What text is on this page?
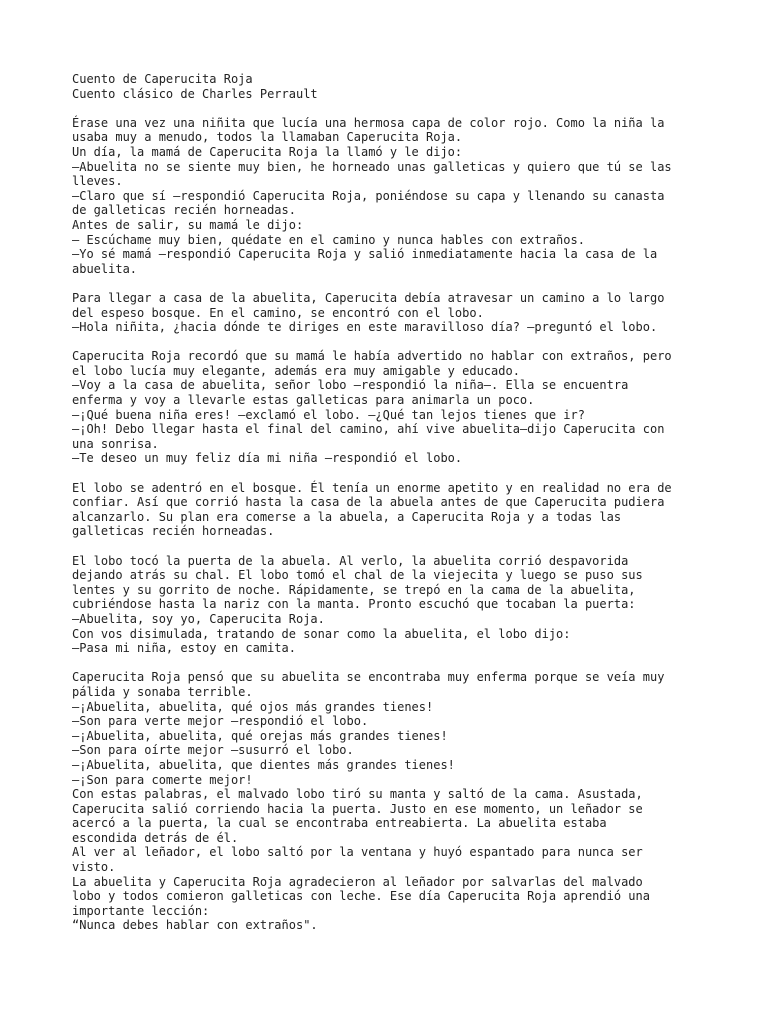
Cuento de Caperucita Roja
Cuento clásico de Charles Perrault
Érase una vez una niñita que lucía una hermosa capa de color rojo. Como la niña la
usaba muy a menudo, todos la llamaban Caperucita Roja.
Un día, la mamá de Caperucita Roja la llamó y le dijo:
—Abuelita no se siente muy bien, he horneado unas galleticas y quiero que tú se las
lleves.
—Claro que sí —respondió Caperucita Roja, poniéndose su capa y llenando su canasta
de galleticas recién horneadas.
Antes de salir, su mamá le dijo:
— Escúchame muy bien, quédate en el camino y nunca hables con extraños.
—Yo sé mamá —respondió Caperucita Roja y salió inmediatamente hacia la casa de la
abuelita.
Para llegar a casa de la abuelita, Caperucita debía atravesar un camino a lo largo
del espeso bosque. En el camino, se encontró con el lobo.
—Hola niñita, ¿hacia dónde te diriges en este maravilloso día? —preguntó el lobo.
Caperucita Roja recordó que su mamá le había advertido no hablar con extraños, pero
el lobo lucía muy elegante, además era muy amigable y educado.
—Voy a la casa de abuelita, señor lobo —respondió la niña—. Ella se encuentra
enferma y voy a llevarle estas galleticas para animarla un poco.
—¡Qué buena niña eres! —exclamó el lobo. —¿Qué tan lejos tienes que ir?
—¡Oh! Debo llegar hasta el final del camino, ahí vive abuelita—dijo Caperucita con
una sonrisa.
—Te deseo un muy feliz día mi niña —respondió el lobo.
El lobo se adentró en el bosque. Él tenía un enorme apetito y en realidad no era de
confiar. Así que corrió hasta la casa de la abuela antes de que Caperucita pudiera
alcanzarlo. Su plan era comerse a la abuela, a Caperucita Roja y a todas las
galleticas recién horneadas.
El lobo tocó la puerta de la abuela. Al verlo, la abuelita corrió despavorida
dejando atrás su chal. El lobo tomó el chal de la viejecita y luego se puso sus
lentes y su gorrito de noche. Rápidamente, se trepó en la cama de la abuelita,
cubriéndose hasta la nariz con la manta. Pronto escuchó que tocaban la puerta:
—Abuelita, soy yo, Caperucita Roja.
Con vos disimulada, tratando de sonar como la abuelita, el lobo dijo:
—Pasa mi niña, estoy en camita.
Caperucita Roja pensó que su abuelita se encontraba muy enferma porque se veía muy
pálida y sonaba terrible.
—¡Abuelita, abuelita, qué ojos más grandes tienes!
—Son para verte mejor —respondió el lobo.
—¡Abuelita, abuelita, qué orejas más grandes tienes!
—Son para oírte mejor —susurró el lobo.
—¡Abuelita, abuelita, que dientes más grandes tienes!
—¡Son para comerte mejor!
Con estas palabras, el malvado lobo tiró su manta y saltó de la cama. Asustada,
Caperucita salió corriendo hacia la puerta. Justo en ese momento, un leñador se
acercó a la puerta, la cual se encontraba entreabierta. La abuelita estaba
escondida detrás de él.
Al ver al leñador, el lobo saltó por la ventana y huyó espantado para nunca ser
visto.
La abuelita y Caperucita Roja agradecieron al leñador por salvarlas del malvado
lobo y todos comieron galleticas con leche. Ese día Caperucita Roja aprendió una
importante lección:
“Nunca debes hablar con extraños".
